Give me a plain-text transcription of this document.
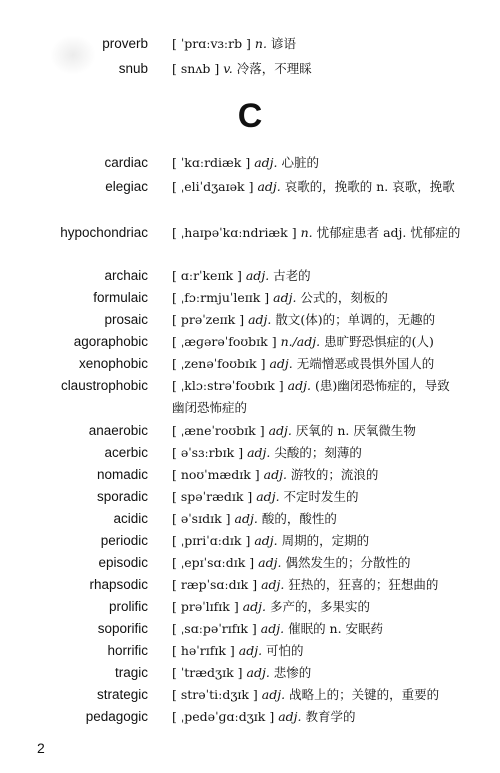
proverb [ ˈprɑːvɜːrb ] n. 谚语
snub [ snʌb ] v. 冷落，不理睬
C
cardiac [ ˈkɑːrdiæk ] adj. 心脏的
elegiac [ ˌeliˈdʒaɪək ] adj. 哀歌的，挽歌的 n. 哀歌，挽歌
hypochondriac [ ˌhaɪpəˈkɑːndriæk ] n. 忧郁症患者 adj. 忧郁症的
archaic [ ɑːrˈkeɪɪk ] adj. 古老的
formulaic [ ˌfɔːrmjuˈleɪɪk ] adj. 公式的，刻板的
prosaic [ prəˈzeɪɪk ] adj. 散文(体)的；单调的，无趣的
agoraphobic [ ˌæɡərəˈfoʊbɪk ] n./adj. 患旷野恐惧症的(人)
xenophobic [ ˌzenəˈfoʊbɪk ] adj. 无端憎恶或畏惧外国人的
claustrophobic [ ˌklɔːstrəˈfoʊbɪk ] adj. (患)幽闭恐怖症的，导致幽闭恐怖症的
anaerobic [ ˌæneˈroʊbɪk ] adj. 厌氧的 n. 厌氧微生物
acerbic [ əˈsɜːrbɪk ] adj. 尖酸的；刻薄的
nomadic [ noʊˈmædɪk ] adj. 游牧的；流浪的
sporadic [ spəˈrædɪk ] adj. 不定时发生的
acidic [ əˈsɪdɪk ] adj. 酸的，酸性的
periodic [ ˌpɪriˈɑːdɪk ] adj. 周期的，定期的
episodic [ ˌepɪˈsɑːdɪk ] adj. 偶然发生的；分散性的
rhapsodic [ ræpˈsɑːdɪk ] adj. 狂热的，狂喜的；狂想曲的
prolific [ prəˈlɪfɪk ] adj. 多产的，多果实的
soporific [ ˌsɑːpəˈrɪfɪk ] adj. 催眠的 n. 安眠药
horrific [ həˈrɪfɪk ] adj. 可怕的
tragic [ ˈtrædʒɪk ] adj. 悲惨的
strategic [ strəˈtiːdʒɪk ] adj. 战略上的；关键的，重要的
pedagogic [ ˌpedəˈɡɑːdʒɪk ] adj. 教育学的
2
